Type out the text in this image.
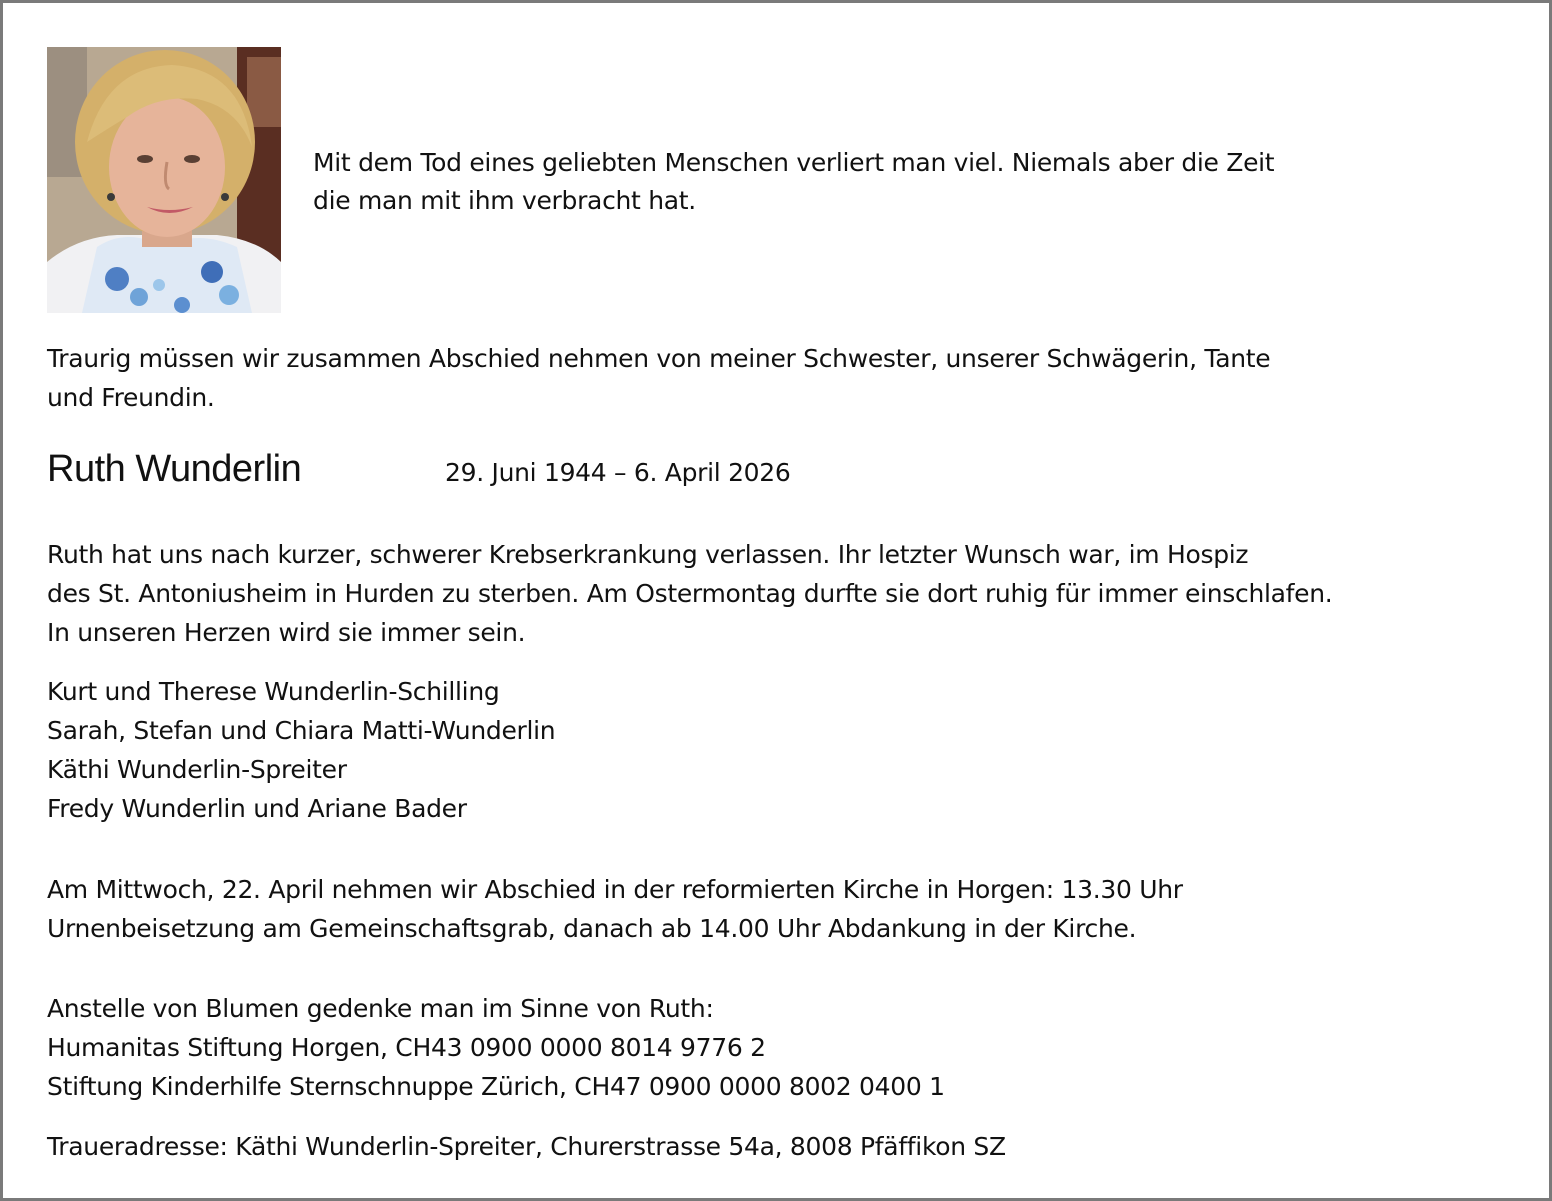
Mit dem Tod eines geliebten Menschen verliert man viel. Niemals aber die Zeit
die man mit ihm verbracht hat.
Traurig müssen wir zusammen Abschied nehmen von meiner Schwester, unserer Schwägerin, Tante
und Freundin.
Ruth Wunderlin	29. Juni 1944 – 6. April 2026
Ruth hat uns nach kurzer, schwerer Krebserkrankung verlassen. Ihr letzter Wunsch war, im Hospiz
des St. Antoniusheim in Hurden zu sterben. Am Ostermontag durfte sie dort ruhig für immer einschlafen.
In unseren Herzen wird sie immer sein.
Kurt und Therese Wunderlin-Schilling
Sarah, Stefan und Chiara Matti-Wunderlin
Käthi Wunderlin-Spreiter
Fredy Wunderlin und Ariane Bader
Am Mittwoch, 22. April nehmen wir Abschied in der reformierten Kirche in Horgen: 13.30 Uhr
Urnenbeisetzung am Gemeinschaftsgrab, danach ab 14.00 Uhr Abdankung in der Kirche.
Anstelle von Blumen gedenke man im Sinne von Ruth:
Humanitas Stiftung Horgen, CH43 0900 0000 8014 9776 2
Stiftung Kinderhilfe Sternschnuppe Zürich, CH47 0900 0000 8002 0400 1
Traueradresse: Käthi Wunderlin-Spreiter, Churerstrasse 54a, 8008 Pfäffikon SZ
